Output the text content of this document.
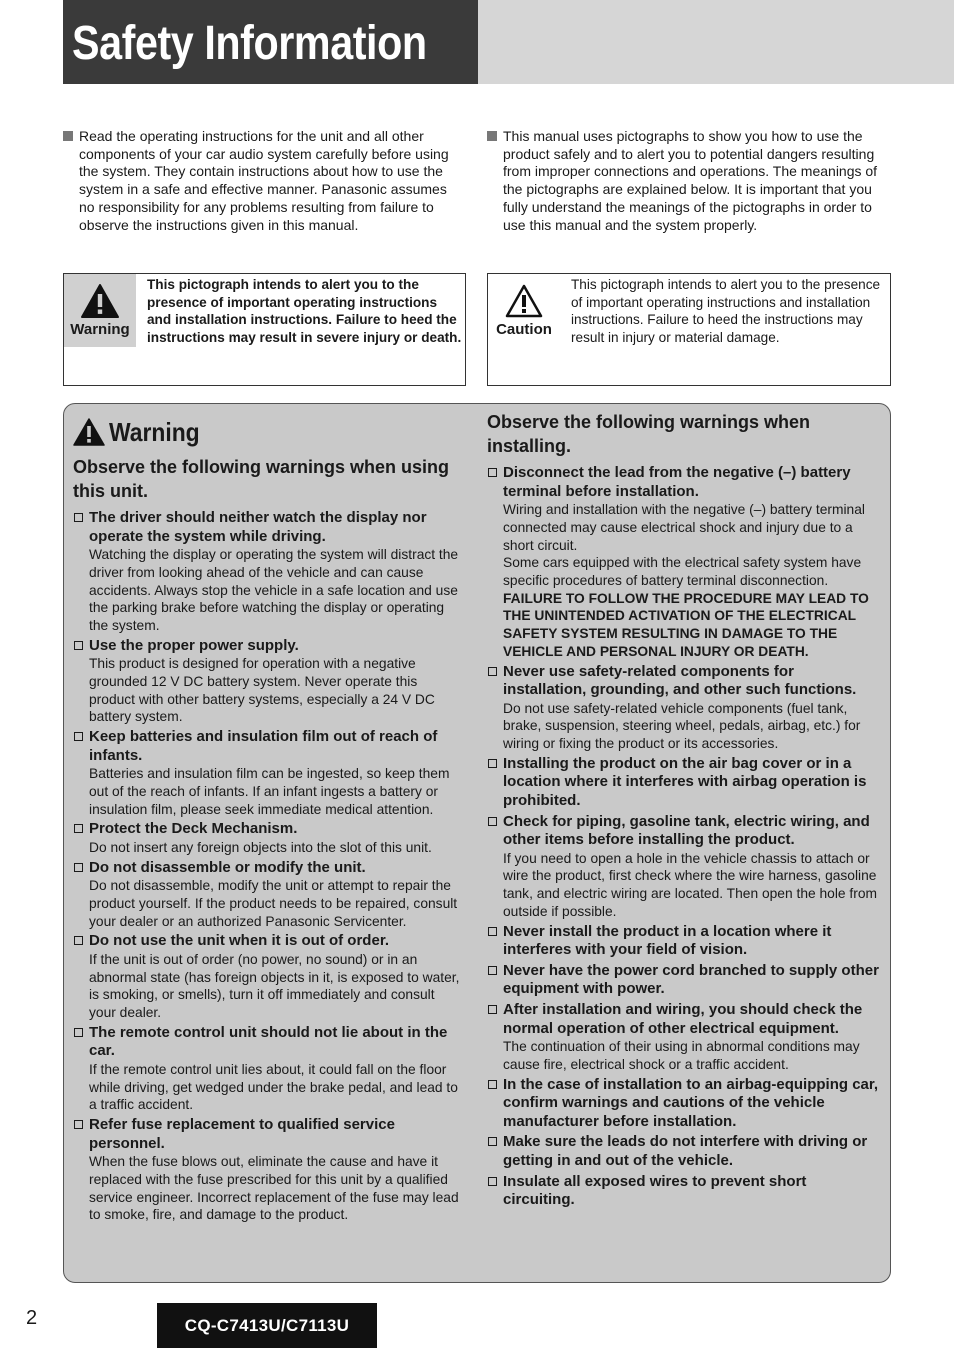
Safety Information
Read the operating instructions for the unit and all other components of your car audio system carefully before using the system. They contain instructions about how to use the system in a safe and effective manner. Panasonic assumes no responsibility for any problems resulting from failure to observe the instructions given in this manual.
This manual uses pictographs to show you how to use the product safely and to alert you to potential dangers resulting from improper connections and operations. The meanings of the pictographs are explained below. It is important that you fully understand the meanings of the pictographs in order to use this manual and the system properly.
Warning

This pictograph intends to alert you to the presence of important operating instructions and installation instructions. Failure to heed the instructions may result in severe injury or death. Caution

This pictograph intends to alert you to the presence of important operating instructions and installation instructions. Failure to heed the instructions may result in injury or material damage.

Warning
Observe the following warnings when using this unit.

The driver should neither watch the display nor operate the system while driving.

Watching the display or operating the system will distract the driver from looking ahead of the vehicle and can cause accidents. Always stop the vehicle in a safe location and use the parking brake before watching the display or operating the system.

Use the proper power supply.

This product is designed for operation with a negative grounded 12 V DC battery system. Never operate this product with other battery systems, especially a 24 V DC battery system.

Keep batteries and insulation film out of reach of infants.

Batteries and insulation film can be ingested, so keep them out of the reach of infants. If an infant ingests a battery or insulation film, please seek immediate medical attention.

Protect the Deck Mechanism.

Do not insert any foreign objects into the slot of this unit.

Do not disassemble or modify the unit.

Do not disassemble, modify the unit or attempt to repair the product yourself. If the product needs to be repaired, consult your dealer or an authorized Panasonic Servicenter.

Do not use the unit when it is out of order.

If the unit is out of order (no power, no sound) or in an abnormal state (has foreign objects in it, is exposed to water, is smoking, or smells), turn it off immediately and consult your dealer.

The remote control unit should not lie about in the car.

If the remote control unit lies about, it could fall on the floor while driving, get wedged under the brake pedal, and lead to a traffic accident.

Refer fuse replacement to qualified service personnel.

When the fuse blows out, eliminate the cause and have it replaced with the fuse prescribed for this unit by a qualified service engineer. Incorrect replacement of the fuse may lead to smoke, fire, and damage to the product.

Observe the following warnings when installing.

Disconnect the lead from the negative (–) battery terminal before installation.

Wiring and installation with the negative (–) battery terminal connected may cause electrical shock and injury due to a short circuit.

Some cars equipped with the electrical safety system have specific procedures of battery terminal disconnection.

FAILURE TO FOLLOW THE PROCEDURE MAY LEAD TO THE UNINTENDED ACTIVATION OF THE ELECTRICAL SAFETY SYSTEM RESULTING IN DAMAGE TO THE VEHICLE AND PERSONAL INJURY OR DEATH.

Never use safety-related components for installation, grounding, and other such functions.

Do not use safety-related vehicle components (fuel tank, brake, suspension, steering wheel, pedals, airbag, etc.) for wiring or fixing the product or its accessories.

Installing the product on the air bag cover or in a location where it interferes with airbag operation is prohibited.

Check for piping, gasoline tank, electric wiring, and other items before installing the product.

If you need to open a hole in the vehicle chassis to attach or wire the product, first check where the wire harness, gasoline tank, and electric wiring are located. Then open the hole from outside if possible.

Never install the product in a location where it interferes with your field of vision.

Never have the power cord branched to supply other equipment with power.

After installation and wiring, you should check the normal operation of other electrical equipment.

The continuation of their using in abnormal conditions may cause fire, electrical shock or a traffic accident.

In the case of installation to an airbag-equipping car, confirm warnings and cautions of the vehicle manufacturer before installation.

Make sure the leads do not interfere with driving or getting in and out of the vehicle.

Insulate all exposed wires to prevent short circuiting.

2	CQ-C7413U/C7113U
